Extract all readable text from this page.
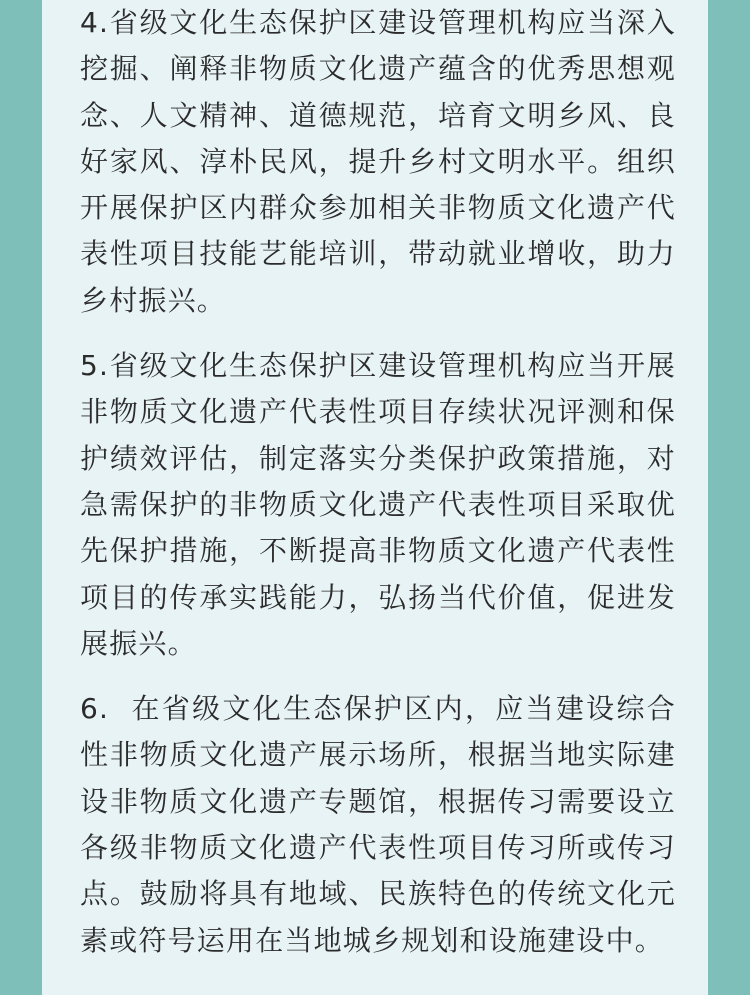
4.省级文化生态保护区建设管理机构应当深入挖掘、阐释非物质文化遗产蕴含的优秀思想观念、人文精神、道德规范，培育文明乡风、良好家风、淳朴民风，提升乡村文明水平。组织开展保护区内群众参加相关非物质文化遗产代表性项目技能艺能培训，带动就业增收，助力乡村振兴。

5.省级文化生态保护区建设管理机构应当开展非物质文化遗产代表性项目存续状况评测和保护绩效评估，制定落实分类保护政策措施，对急需保护的非物质文化遗产代表性项目采取优先保护措施，不断提高非物质文化遗产代表性项目的传承实践能力，弘扬当代价值，促进发展振兴。

6.  在省级文化生态保护区内，应当建设综合性非物质文化遗产展示场所，根据当地实际建设非物质文化遗产专题馆，根据传习需要设立各级非物质文化遗产代表性项目传习所或传习点。鼓励将具有地域、民族特色的传统文化元素或符号运用在当地城乡规划和设施建设中。
